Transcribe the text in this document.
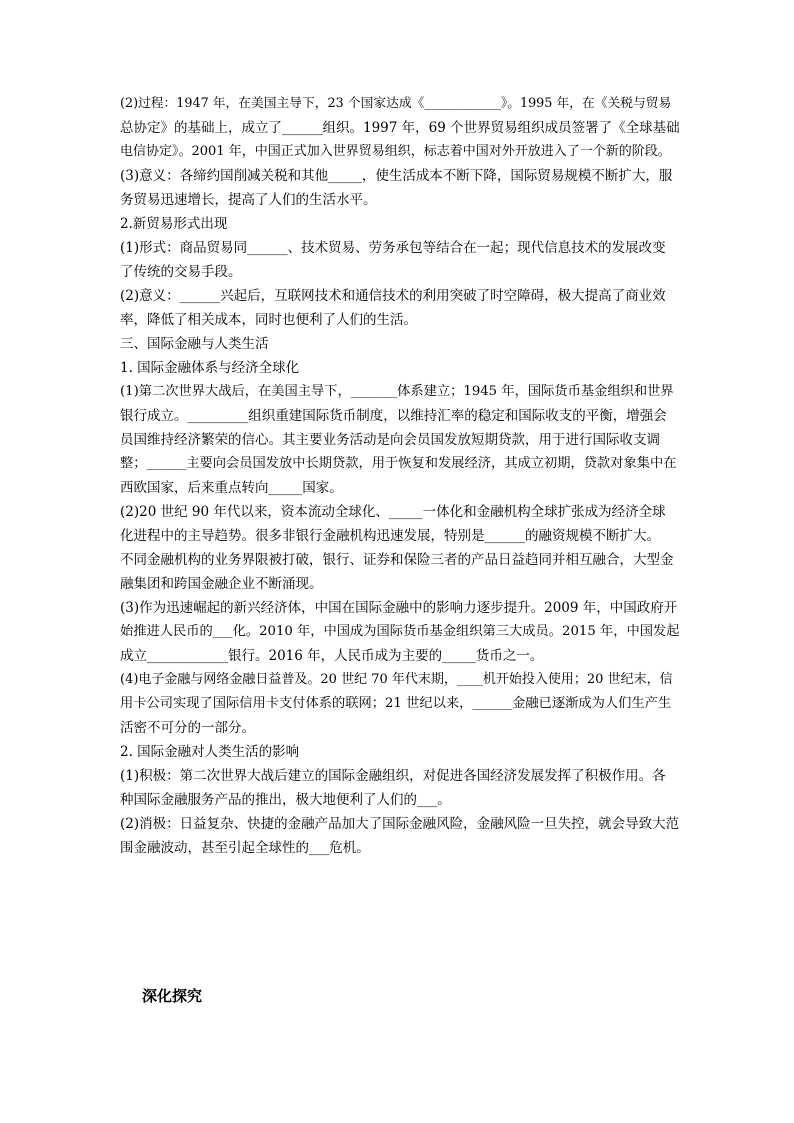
(2)过程：1947 年，在美国主导下，23 个国家达成《____________》。1995 年，在《关税与贸易
总协定》的基础上，成立了______组织。1997 年，69 个世界贸易组织成员签署了《全球基础
电信协定》。2001 年，中国正式加入世界贸易组织，标志着中国对外开放进入了一个新的阶段。
(3)意义：各缔约国削减关税和其他_____，使生活成本不断下降，国际贸易规模不断扩大，服
务贸易迅速增长，提高了人们的生活水平。
2.新贸易形式出现
(1)形式：商品贸易同______、技术贸易、劳务承包等结合在一起；现代信息技术的发展改变
了传统的交易手段。
(2)意义：______兴起后，互联网技术和通信技术的利用突破了时空障碍，极大提高了商业效
率，降低了相关成本，同时也便利了人们的生活。
三、国际金融与人类生活
1. 国际金融体系与经济全球化
(1)第二次世界大战后，在美国主导下，_______体系建立；1945 年，国际货币基金组织和世界
银行成立。_________组织重建国际货币制度，以维持汇率的稳定和国际收支的平衡，增强会
员国维持经济繁荣的信心。其主要业务活动是向会员国发放短期贷款，用于进行国际收支调
整；______主要向会员国发放中长期贷款，用于恢复和发展经济，其成立初期，贷款对象集中在
西欧国家，后来重点转向_____国家。
(2)20 世纪 90 年代以来，资本流动全球化、_____一体化和金融机构全球扩张成为经济全球
化进程中的主导趋势。很多非银行金融机构迅速发展，特别是______的融资规模不断扩大。
不同金融机构的业务界限被打破，银行、证券和保险三者的产品日益趋同并相互融合，大型金
融集团和跨国金融企业不断涌现。
(3)作为迅速崛起的新兴经济体，中国在国际金融中的影响力逐步提升。2009 年，中国政府开
始推进人民币的___化。2010 年，中国成为国际货币基金组织第三大成员。2015 年，中国发起
成立____________银行。2016 年，人民币成为主要的_____货币之一。
(4)电子金融与网络金融日益普及。20 世纪 70 年代末期，____机开始投入使用；20 世纪末，信
用卡公司实现了国际信用卡支付体系的联网；21 世纪以来，______金融已逐渐成为人们生产生
活密不可分的一部分。
2. 国际金融对人类生活的影响
(1)积极：第二次世界大战后建立的国际金融组织，对促进各国经济发展发挥了积极作用。各
种国际金融服务产品的推出，极大地便利了人们的___。
(2)消极：日益复杂、快捷的金融产品加大了国际金融风险，金融风险一旦失控，就会导致大范
围金融波动，甚至引起全球性的___危机。
深化探究
